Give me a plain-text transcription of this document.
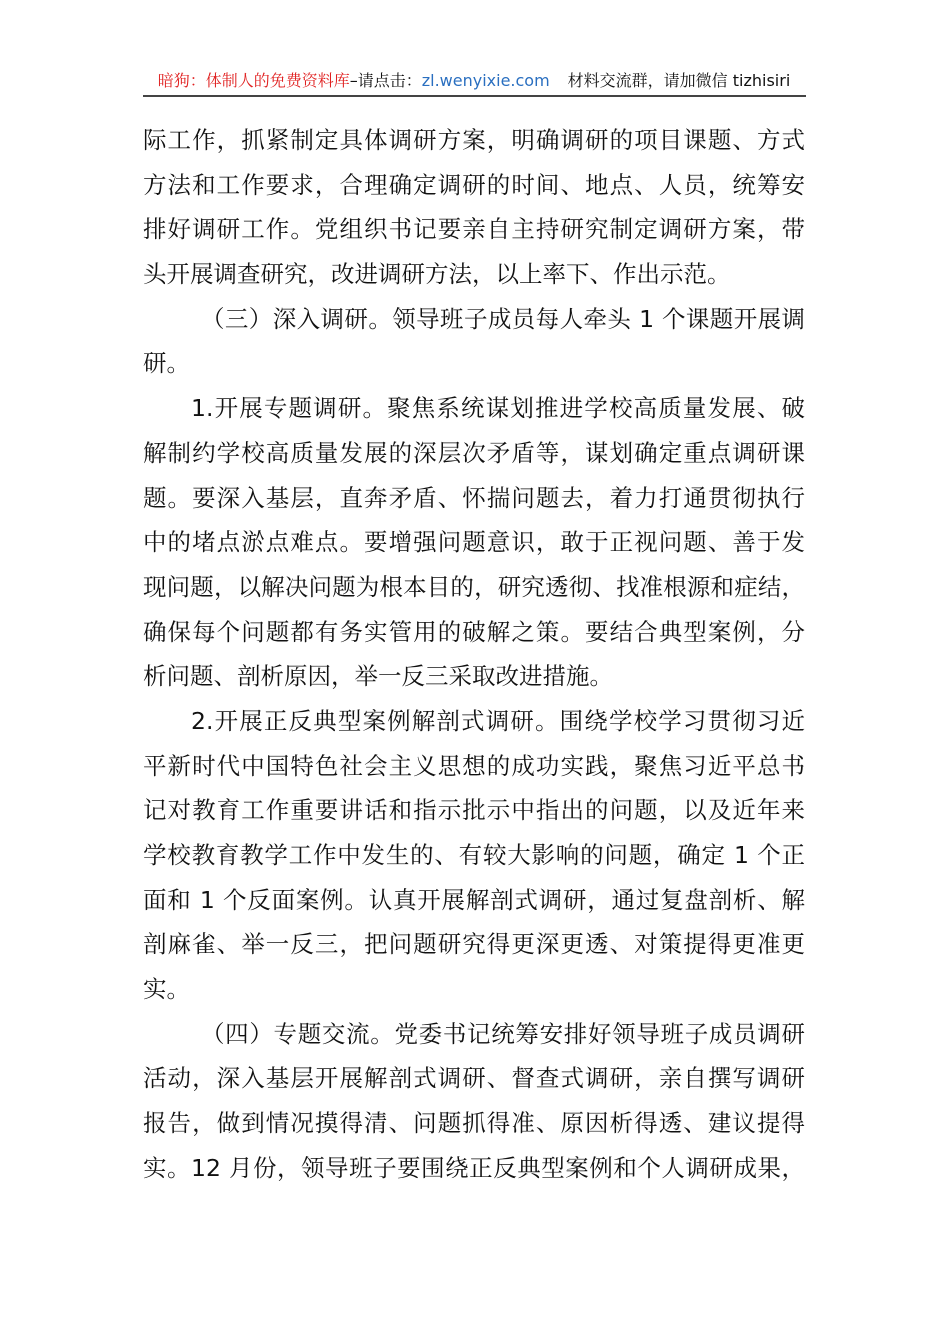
暗狗：体制人的免费资料库–请点击：zl.wenyixie.com 材料交流群，请加微信 tizhisiri
际工作，抓紧制定具体调研方案，明确调研的项目课题、方式
方法和工作要求，合理确定调研的时间、地点、人员，统筹安
排好调研工作。党组织书记要亲自主持研究制定调研方案，带
头开展调查研究，改进调研方法，以上率下、作出示范。
（三）深入调研。领导班子成员每人牵头 1 个课题开展调
研。
1.开展专题调研。聚焦系统谋划推进学校高质量发展、破
解制约学校高质量发展的深层次矛盾等，谋划确定重点调研课
题。要深入基层，直奔矛盾、怀揣问题去，着力打通贯彻执行
中的堵点淤点难点。要增强问题意识，敢于正视问题、善于发
现问题，以解决问题为根本目的，研究透彻、找准根源和症结，
确保每个问题都有务实管用的破解之策。要结合典型案例，分
析问题、剖析原因，举一反三采取改进措施。
2.开展正反典型案例解剖式调研。围绕学校学习贯彻习近
平新时代中国特色社会主义思想的成功实践，聚焦习近平总书
记对教育工作重要讲话和指示批示中指出的问题，以及近年来
学校教育教学工作中发生的、有较大影响的问题，确定 1 个正
面和 1 个反面案例。认真开展解剖式调研，通过复盘剖析、解
剖麻雀、举一反三，把问题研究得更深更透、对策提得更准更
实。
（四）专题交流。党委书记统筹安排好领导班子成员调研
活动，深入基层开展解剖式调研、督查式调研，亲自撰写调研
报告，做到情况摸得清、问题抓得准、原因析得透、建议提得
实。12 月份，领导班子要围绕正反典型案例和个人调研成果，
